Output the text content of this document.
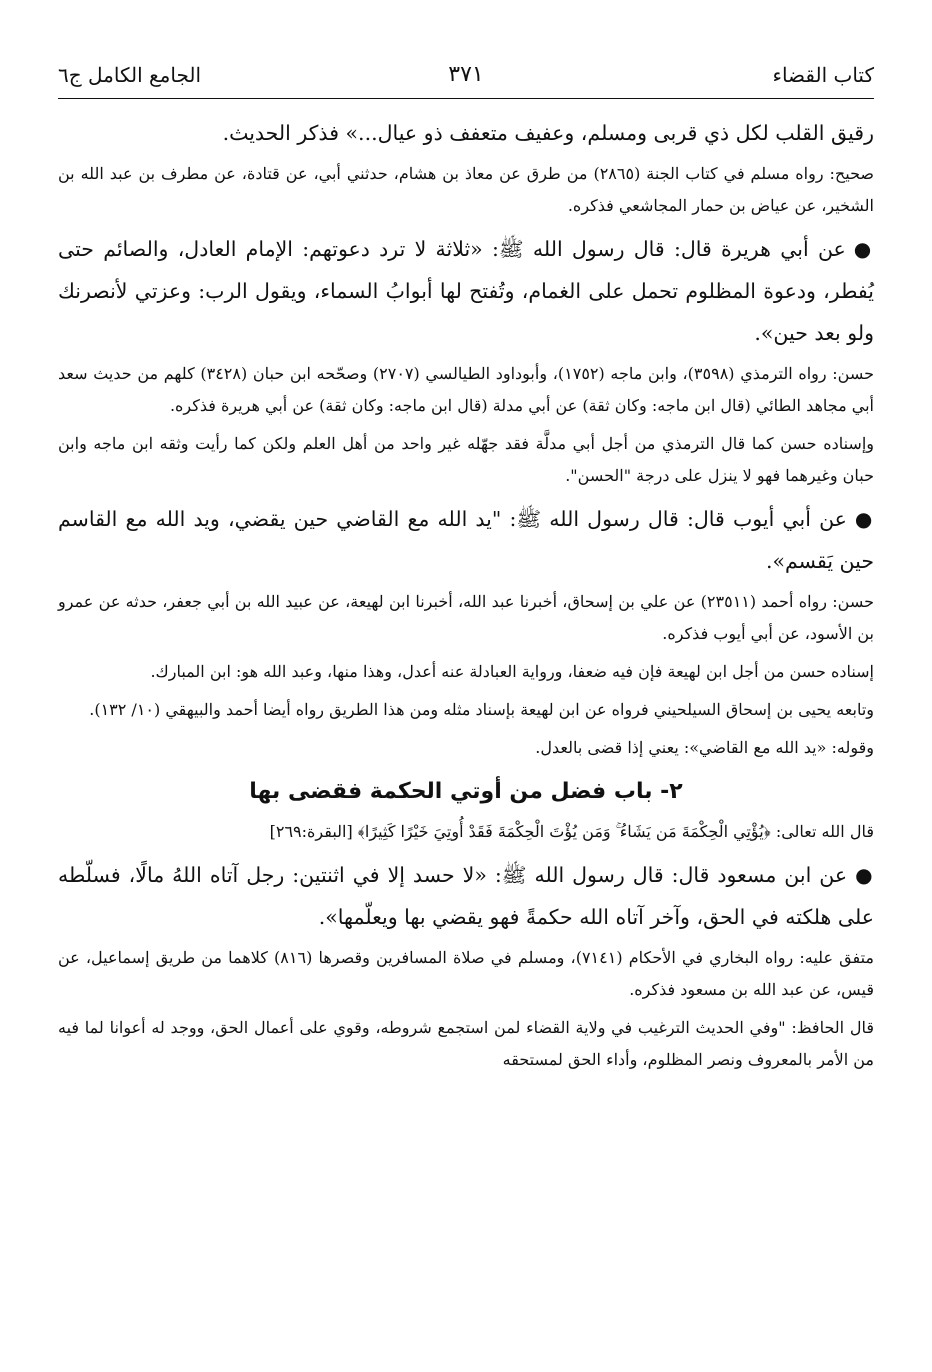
كتاب القضاء
٣٧١
الجامع الكامل ج٦

رقيق القلب لكل ذي قربى ومسلم، وعفيف متعفف ذو عيال...» فذكر الحديث.

صحيح: رواه مسلم في كتاب الجنة (٢٨٦٥) من طرق عن معاذ بن هشام، حدثني أبي، عن قتادة، عن مطرف بن عبد الله بن الشخير، عن عياض بن حمار المجاشعي فذكره.

●عن أبي هريرة قال: قال رسول الله ﷺ: «ثلاثة لا ترد دعوتهم: الإمام العادل، والصائم حتى يُفطر، ودعوة المظلوم تحمل على الغمام، وتُفتح لها أبوابُ السماء، ويقول الرب: وعزتي لأنصرنك ولو بعد حين».

حسن: رواه الترمذي (٣٥٩٨)، وابن ماجه (١٧٥٢)، وأبوداود الطيالسي (٢٧٠٧) وصحّحه ابن حبان (٣٤٢٨) كلهم من حديث سعد أبي مجاهد الطائي (قال ابن ماجه: وكان ثقة) عن أبي مدلة (قال ابن ماجه: وكان ثقة) عن أبي هريرة فذكره.

وإسناده حسن كما قال الترمذي من أجل أبي مدلَّة فقد جهّله غير واحد من أهل العلم ولكن كما رأيت وثقه ابن ماجه وابن حبان وغيرهما فهو لا ينزل على درجة "الحسن".

●عن أبي أيوب قال: قال رسول الله ﷺ: "يد الله مع القاضي حين يقضي، ويد الله مع القاسم حين يَقسم».

حسن: رواه أحمد (٢٣٥١١) عن علي بن إسحاق، أخبرنا عبد الله، أخبرنا ابن لهيعة، عن عبيد الله بن أبي جعفر، حدثه عن عمرو بن الأسود، عن أبي أيوب فذكره.

إسناده حسن من أجل ابن لهيعة فإن فيه ضعفا، ورواية العبادلة عنه أعدل، وهذا منها، وعبد الله هو: ابن المبارك.

وتابعه يحيى بن إسحاق السيلحيني فرواه عن ابن لهيعة بإسناد مثله ومن هذا الطريق رواه أيضا أحمد والبيهقي (١٠/ ١٣٢).

وقوله: «يد الله مع القاضي»: يعني إذا قضى بالعدل.

٢- باب فضل من أوتي الحكمة فقضى بها

قال الله تعالى: ﴿يُؤْتِي الْحِكْمَةَ مَن يَشَاءُ ۚ وَمَن يُؤْتَ الْحِكْمَةَ فَقَدْ أُوتِيَ خَيْرًا كَثِيرًا﴾ [البقرة:٢٦٩]

●عن ابن مسعود قال: قال رسول الله ﷺ: «لا حسد إلا في اثنتين: رجل آتاه اللهُ مالًا، فسلّطه على هلكته في الحق، وآخر آتاه الله حكمةً فهو يقضي بها ويعلّمها».

متفق عليه: رواه البخاري في الأحكام (٧١٤١)، ومسلم في صلاة المسافرين وقصرها (٨١٦) كلاهما من طريق إسماعيل، عن قيس، عن عبد الله بن مسعود فذكره.

قال الحافظ: "وفي الحديث الترغيب في ولاية القضاء لمن استجمع شروطه، وقوي على أعمال الحق، ووجد له أعوانا لما فيه من الأمر بالمعروف ونصر المظلوم، وأداء الحق لمستحقه
